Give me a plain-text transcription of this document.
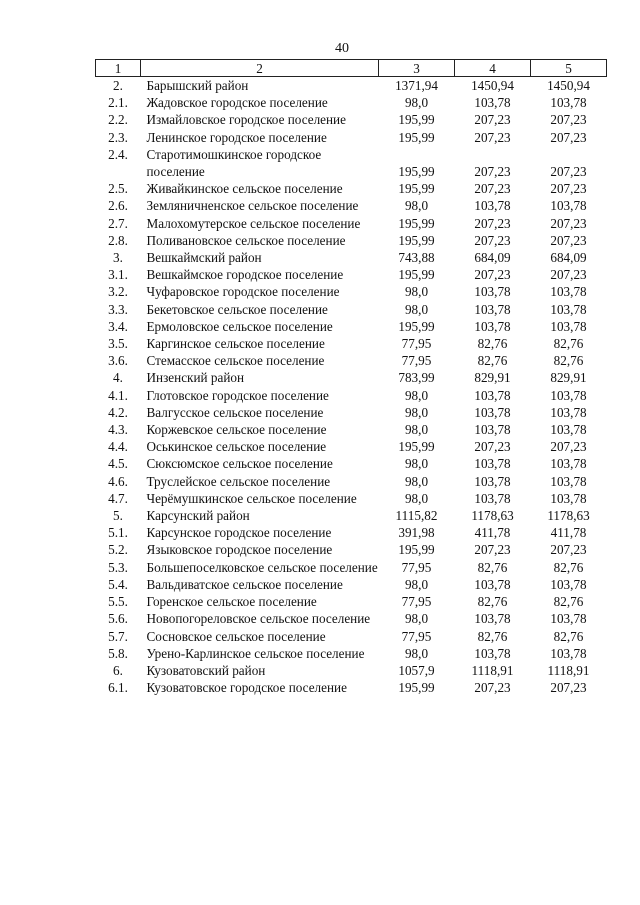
40
1	2	3	4	5
2.	Барышский район	1371,94	1450,94	1450,94
2.1.	Жадовское городское поселение	98,0	103,78	103,78
2.2.	Измайловское городское поселение	195,99	207,23	207,23
2.3.	Ленинское городское поселение	195,99	207,23	207,23
2.4.	Старотимошкинское городское поселение	195,99	207,23	207,23
2.5.	Живайкинское сельское поселение	195,99	207,23	207,23
2.6.	Земляничненское сельское поселение	98,0	103,78	103,78
2.7.	Малохомутерское сельское поселение	195,99	207,23	207,23
2.8.	Поливановское сельское поселение	195,99	207,23	207,23
3.	Вешкаймский район	743,88	684,09	684,09
3.1.	Вешкаймское городское поселение	195,99	207,23	207,23
3.2.	Чуфаровское городское поселение	98,0	103,78	103,78
3.3.	Бекетовское сельское поселение	98,0	103,78	103,78
3.4.	Ермоловское сельское поселение	195,99	103,78	103,78
3.5.	Каргинское сельское поселение	77,95	82,76	82,76
3.6.	Стемасское сельское поселение	77,95	82,76	82,76
4.	Инзенский район	783,99	829,91	829,91
4.1.	Глотовское городское поселение	98,0	103,78	103,78
4.2.	Валгусское сельское поселение	98,0	103,78	103,78
4.3.	Коржевское сельское поселение	98,0	103,78	103,78
4.4.	Оськинское сельское поселение	195,99	207,23	207,23
4.5.	Сюксюмское сельское поселение	98,0	103,78	103,78
4.6.	Труслейское сельское поселение	98,0	103,78	103,78
4.7.	Черёмушкинское сельское поселение	98,0	103,78	103,78
5.	Карсунский район	1115,82	1178,63	1178,63
5.1.	Карсунское городское поселение	391,98	411,78	411,78
5.2.	Языковское городское поселение	195,99	207,23	207,23
5.3.	Большепоселковское сельское поселение	77,95	82,76	82,76
5.4.	Вальдиватское сельское поселение	98,0	103,78	103,78
5.5.	Горенское сельское поселение	77,95	82,76	82,76
5.6.	Новопогореловское сельское поселение	98,0	103,78	103,78
5.7.	Сосновское сельское поселение	77,95	82,76	82,76
5.8.	Урено-Карлинское сельское поселение	98,0	103,78	103,78
6.	Кузоватовский район	1057,9	1118,91	1118,91
6.1.	Кузоватовское городское поселение	195,99	207,23	207,23
